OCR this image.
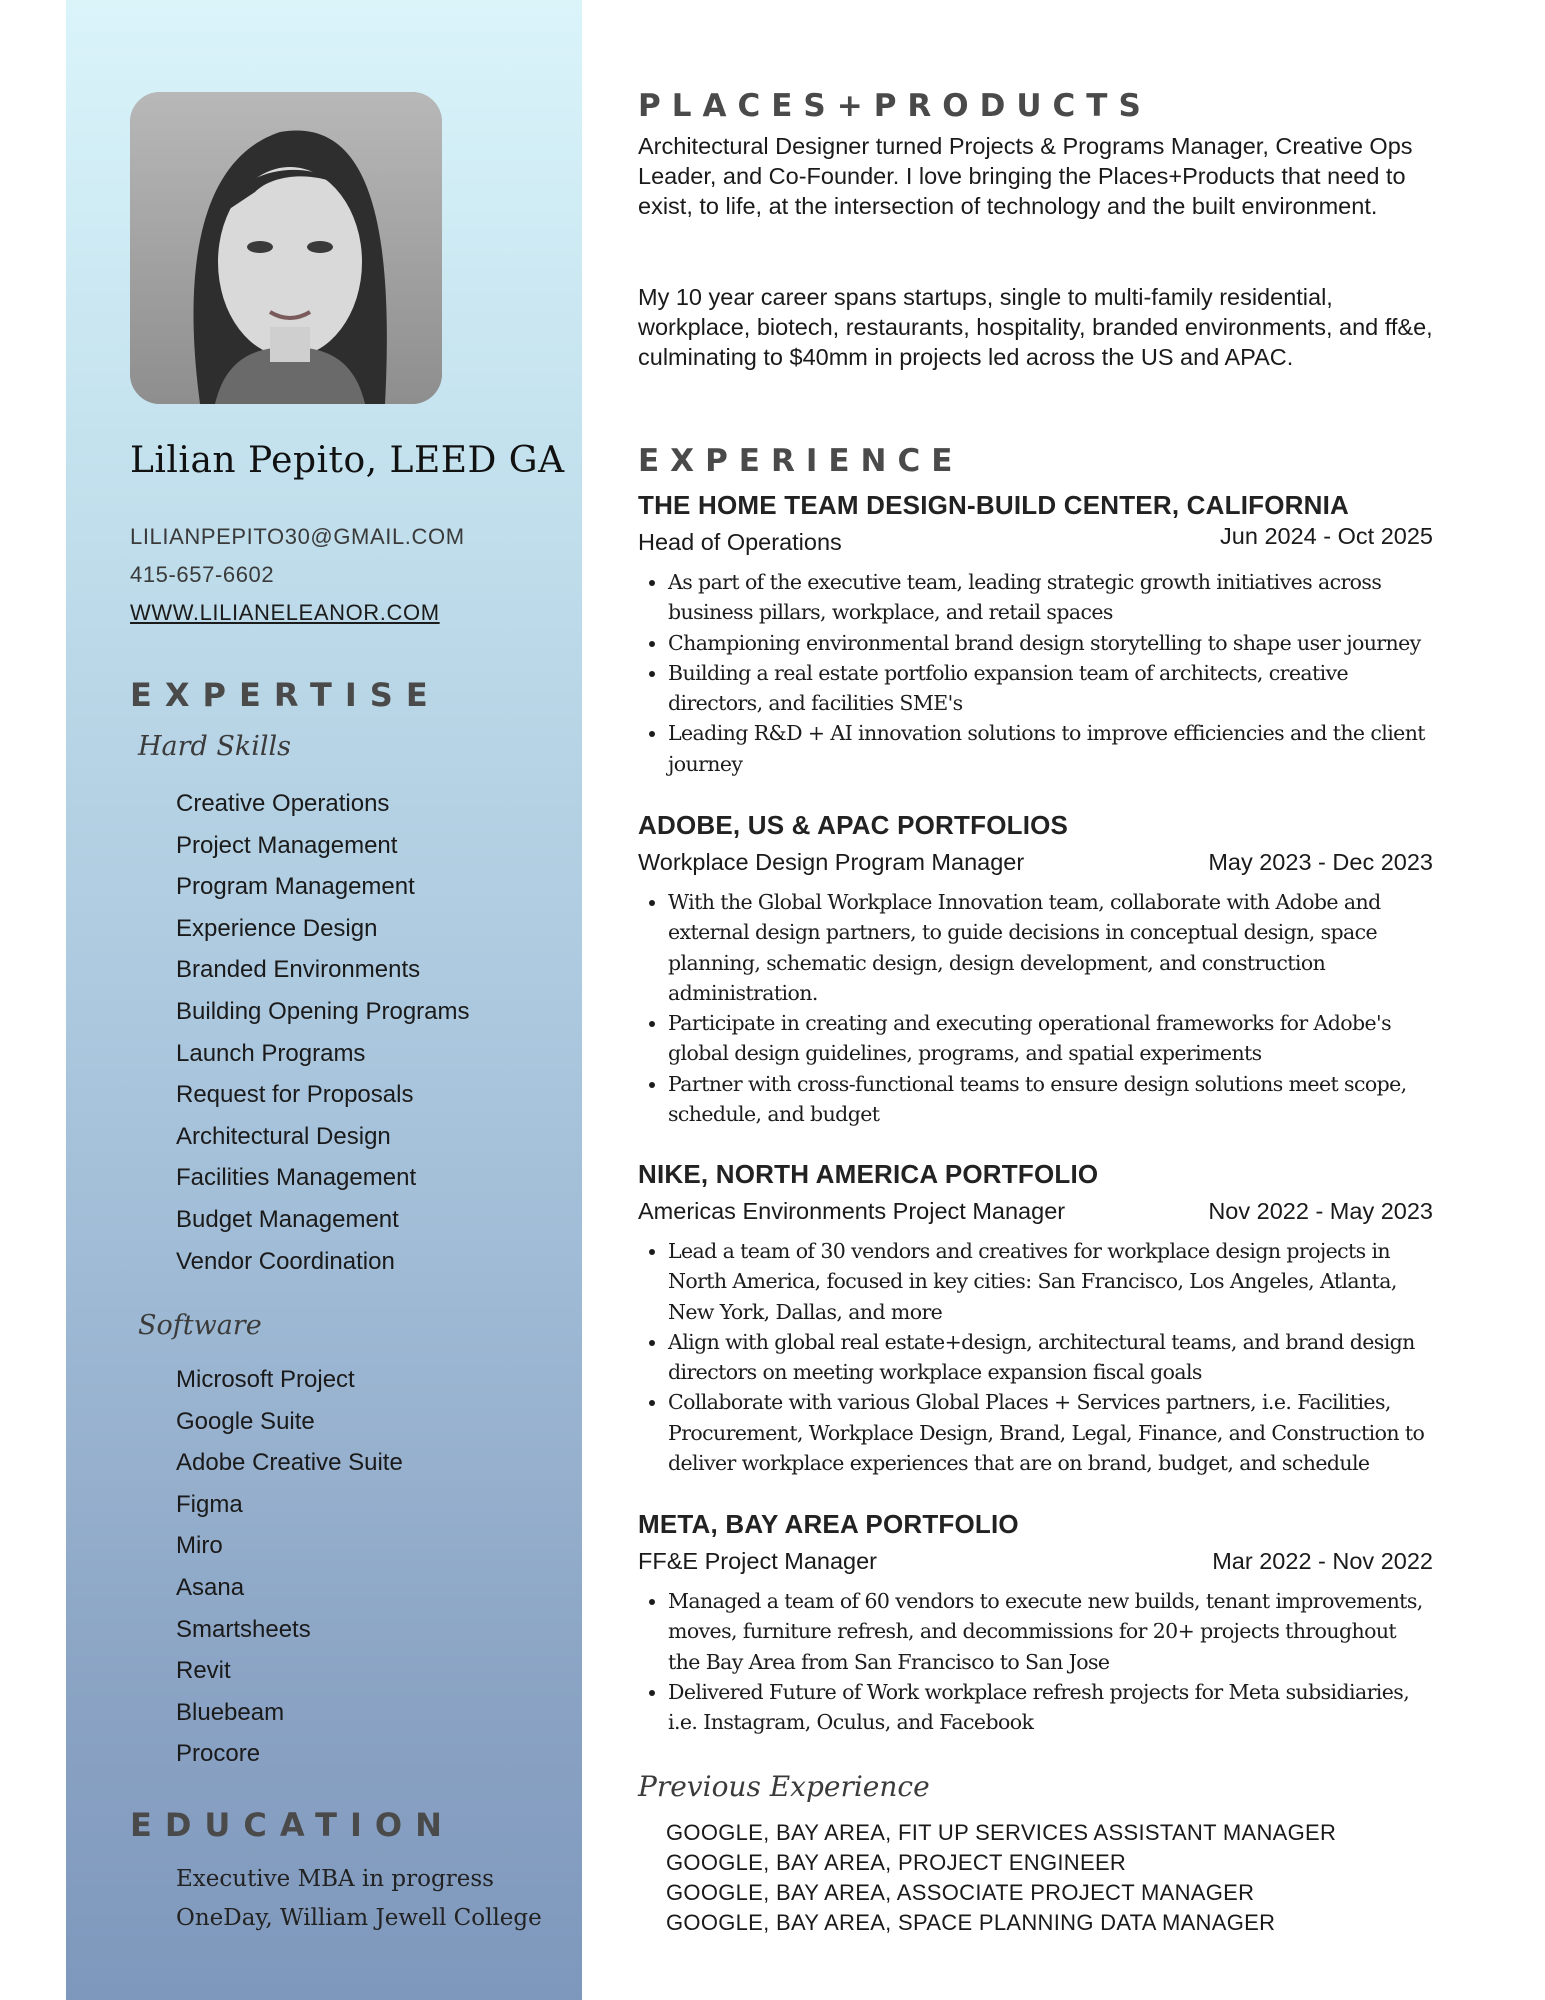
Lilian Pepito, LEED GA
LILIANPEPITO30@GMAIL.COM
415-657-6602
WWW.LILIANELEANOR.COM
EXPERTISE
Hard Skills
Creative Operations
Project Management
Program Management
Experience Design
Branded Environments
Building Opening Programs
Launch Programs
Request for Proposals
Architectural Design
Facilities Management
Budget Management
Vendor Coordination
Software
Microsoft Project
Google Suite
Adobe Creative Suite
Figma
Miro
Asana
Smartsheets
Revit
Bluebeam
Procore
EDUCATION
Executive MBA in progress
OneDay, William Jewell College
PLACES+PRODUCTS
Architectural Designer turned Projects & Programs Manager, Creative Ops Leader, and Co-Founder. I love bringing the Places+Products that need to exist, to life, at the intersection of technology and the built environment.
My 10 year career spans startups, single to multi-family residential, workplace, biotech, restaurants, hospitality, branded environments, and ff&e, culminating to $40mm in projects led across the US and APAC.
EXPERIENCE
THE HOME TEAM DESIGN-BUILD CENTER, CALIFORNIA
Head of Operations	Jun 2024 - Oct 2025
• As part of the executive team, leading strategic growth initiatives across business pillars, workplace, and retail spaces
• Championing environmental brand design storytelling to shape user journey
• Building a real estate portfolio expansion team of architects, creative directors, and facilities SME's
• Leading R&D + AI innovation solutions to improve efficiencies and the client journey
ADOBE, US & APAC PORTFOLIOS
Workplace Design Program Manager	May 2023 - Dec 2023
• With the Global Workplace Innovation team, collaborate with Adobe and external design partners, to guide decisions in conceptual design, space planning, schematic design, design development, and construction administration.
• Participate in creating and executing operational frameworks for Adobe's global design guidelines, programs, and spatial experiments
• Partner with cross-functional teams to ensure design solutions meet scope, schedule, and budget
NIKE, NORTH AMERICA PORTFOLIO
Americas Environments Project Manager	Nov 2022 - May 2023
• Lead a team of 30 vendors and creatives for workplace design projects in North America, focused in key cities: San Francisco, Los Angeles, Atlanta, New York, Dallas, and more
• Align with global real estate+design, architectural teams, and brand design directors on meeting workplace expansion fiscal goals
• Collaborate with various Global Places + Services partners, i.e. Facilities, Procurement, Workplace Design, Brand, Legal, Finance, and Construction to deliver workplace experiences that are on brand, budget, and schedule
META, BAY AREA PORTFOLIO
FF&E Project Manager	Mar 2022 - Nov 2022
• Managed a team of 60 vendors to execute new builds, tenant improvements, moves, furniture refresh, and decommissions for 20+ projects throughout the Bay Area from San Francisco to San Jose
• Delivered Future of Work workplace refresh projects for Meta subsidiaries, i.e. Instagram, Oculus, and Facebook
Previous Experience
GOOGLE, BAY AREA, FIT UP SERVICES ASSISTANT MANAGER
GOOGLE, BAY AREA, PROJECT ENGINEER
GOOGLE, BAY AREA, ASSOCIATE PROJECT MANAGER
GOOGLE, BAY AREA, SPACE PLANNING DATA MANAGER
